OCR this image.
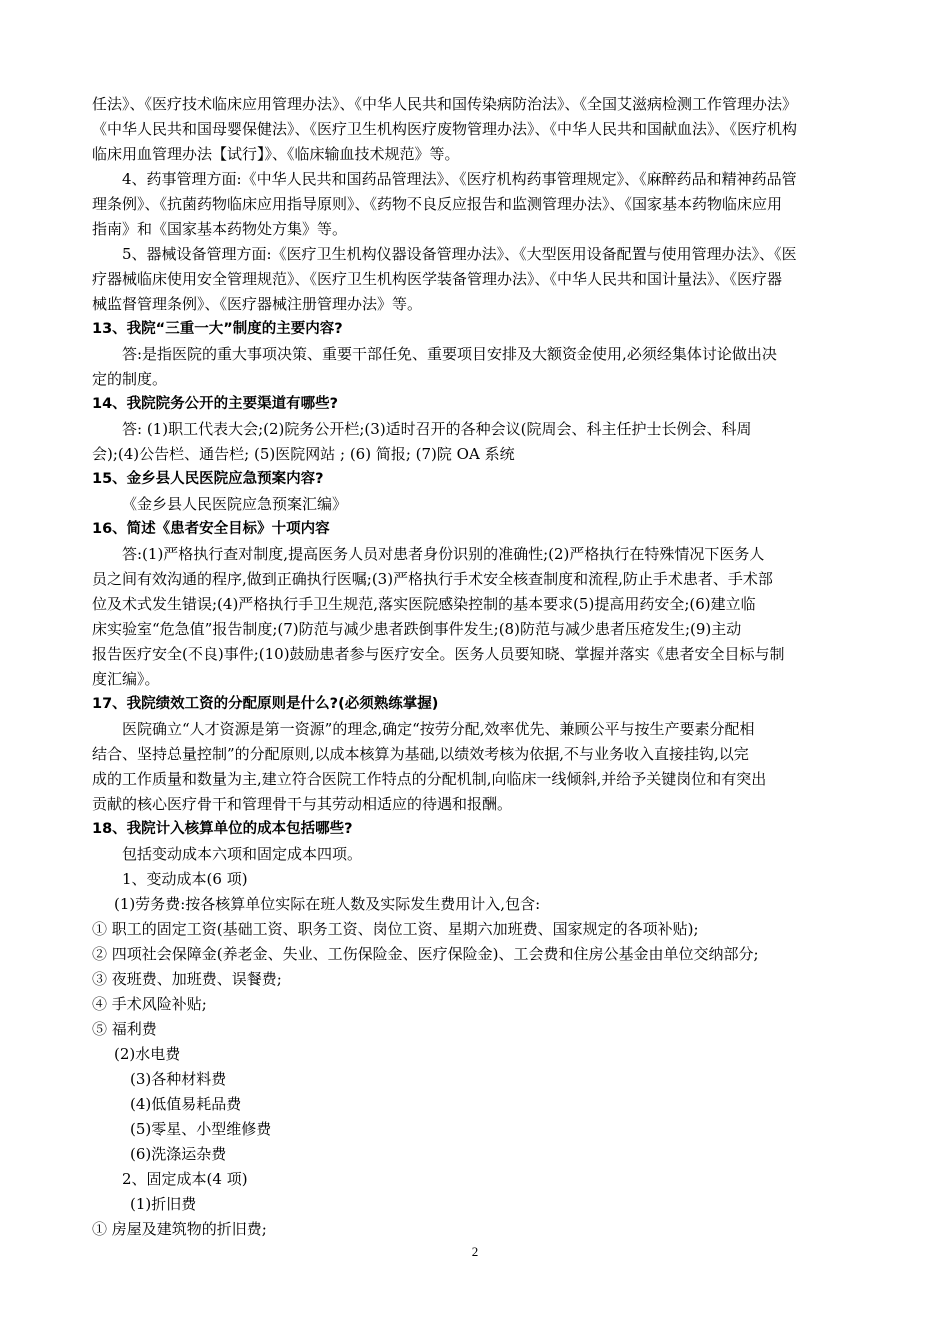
任法》、《医疗技术临床应用管理办法》、《中华人民共和国传染病防治法》、《全国艾滋病检测工作管理办法》
《中华人民共和国母婴保健法》、《医疗卫生机构医疗废物管理办法》、《中华人民共和国献血法》、《医疗机构
临床用血管理办法【试行】》、《临床输血技术规范》等。
4、药事管理方面:《中华人民共和国药品管理法》、《医疗机构药事管理规定》、《麻醉药品和精神药品管
理条例》、《抗菌药物临床应用指导原则》、《药物不良反应报告和监测管理办法》、《国家基本药物临床应用
指南》和《国家基本药物处方集》等。
5、器械设备管理方面:《医疗卫生机构仪器设备管理办法》、《大型医用设备配置与使用管理办法》、《医
疗器械临床使用安全管理规范》、《医疗卫生机构医学装备管理办法》、《中华人民共和国计量法》、《医疗器
械监督管理条例》、《医疗器械注册管理办法》等。
13、我院“三重一大”制度的主要内容?
答:是指医院的重大事项决策、重要干部任免、重要项目安排及大额资金使用,必须经集体讨论做出决
定的制度。
14、我院院务公开的主要渠道有哪些?
答: (1)职工代表大会;(2)院务公开栏;(3)适时召开的各种会议(院周会、科主任护士长例会、科周
会);(4)公告栏、通告栏; (5)医院网站 ; (6) 简报; (7)院 OA 系统
15、金乡县人民医院应急预案内容?
《金乡县人民医院应急预案汇编》
16、简述《患者安全目标》十项内容
答:(1)严格执行查对制度,提高医务人员对患者身份识别的准确性;(2)严格执行在特殊情况下医务人
员之间有效沟通的程序,做到正确执行医嘱;(3)严格执行手术安全核查制度和流程,防止手术患者、手术部
位及术式发生错误;(4)严格执行手卫生规范,落实医院感染控制的基本要求(5)提高用药安全;(6)建立临
床实验室“危急值”报告制度;(7)防范与减少患者跌倒事件发生;(8)防范与减少患者压疮发生;(9)主动
报告医疗安全(不良)事件;(10)鼓励患者参与医疗安全。医务人员要知晓、掌握并落实《患者安全目标与制
度汇编》。
17、我院绩效工资的分配原则是什么?(必须熟练掌握)
医院确立“人才资源是第一资源”的理念,确定“按劳分配,效率优先、兼顾公平与按生产要素分配相
结合、坚持总量控制”的分配原则,以成本核算为基础,以绩效考核为依据,不与业务收入直接挂钩,以完
成的工作质量和数量为主,建立符合医院工作特点的分配机制,向临床一线倾斜,并给予关键岗位和有突出
贡献的核心医疗骨干和管理骨干与其劳动相适应的待遇和报酬。
18、我院计入核算单位的成本包括哪些?
包括变动成本六项和固定成本四项。
1、变动成本(6 项)
(1)劳务费:按各核算单位实际在班人数及实际发生费用计入,包含:
① 职工的固定工资(基础工资、职务工资、岗位工资、星期六加班费、国家规定的各项补贴);
② 四项社会保障金(养老金、失业、工伤保险金、医疗保险金)、工会费和住房公基金由单位交纳部分;
③ 夜班费、加班费、误餐费;
④ 手术风险补贴;
⑤ 福利费
(2)水电费
(3)各种材料费
(4)低值易耗品费
(5)零星、小型维修费
(6)洗涤运杂费
2、固定成本(4 项)
(1)折旧费
① 房屋及建筑物的折旧费;
2
